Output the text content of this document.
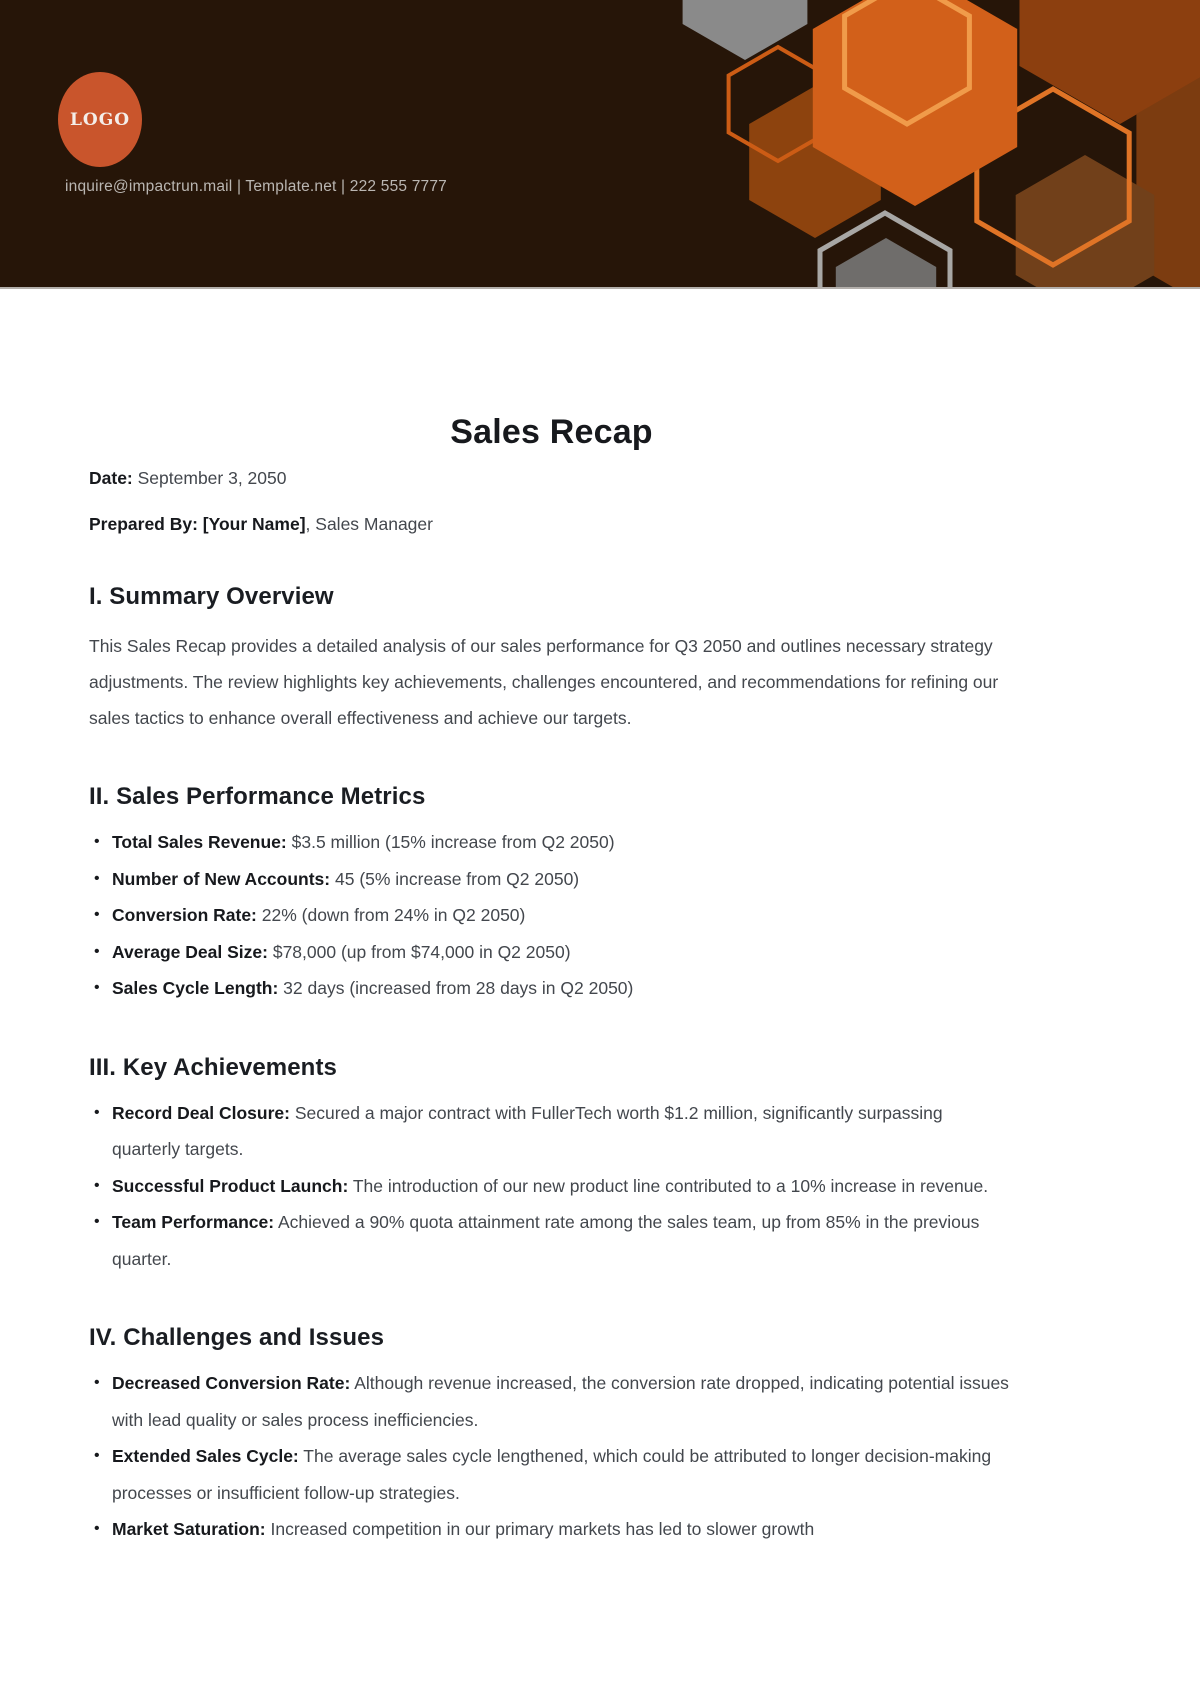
LOGO
inquire@impactrun.mail | Template.net | 222 555 7777
Sales Recap

Date: September 3, 2050

Prepared By: [Your Name], Sales Manager

I. Summary Overview

This Sales Recap provides a detailed analysis of our sales performance for Q3 2050 and outlines necessary strategy adjustments. The review highlights key achievements, challenges encountered, and recommendations for refining our sales tactics to enhance overall effectiveness and achieve our targets.

II. Sales Performance Metrics
• Total Sales Revenue: $3.5 million (15% increase from Q2 2050)
• Number of New Accounts: 45 (5% increase from Q2 2050)
• Conversion Rate: 22% (down from 24% in Q2 2050)
• Average Deal Size: $78,000 (up from $74,000 in Q2 2050)
• Sales Cycle Length: 32 days (increased from 28 days in Q2 2050)
III. Key Achievements
• Record Deal Closure: Secured a major contract with FullerTech worth $1.2 million, significantly surpassing quarterly targets.
• Successful Product Launch: The introduction of our new product line contributed to a 10% increase in revenue.
• Team Performance: Achieved a 90% quota attainment rate among the sales team, up from 85% in the previous quarter.
IV. Challenges and Issues
• Decreased Conversion Rate: Although revenue increased, the conversion rate dropped, indicating potential issues with lead quality or sales process inefficiencies.
• Extended Sales Cycle: The average sales cycle lengthened, which could be attributed to longer decision-making processes or insufficient follow-up strategies.
• Market Saturation: Increased competition in our primary markets has led to slower growth
